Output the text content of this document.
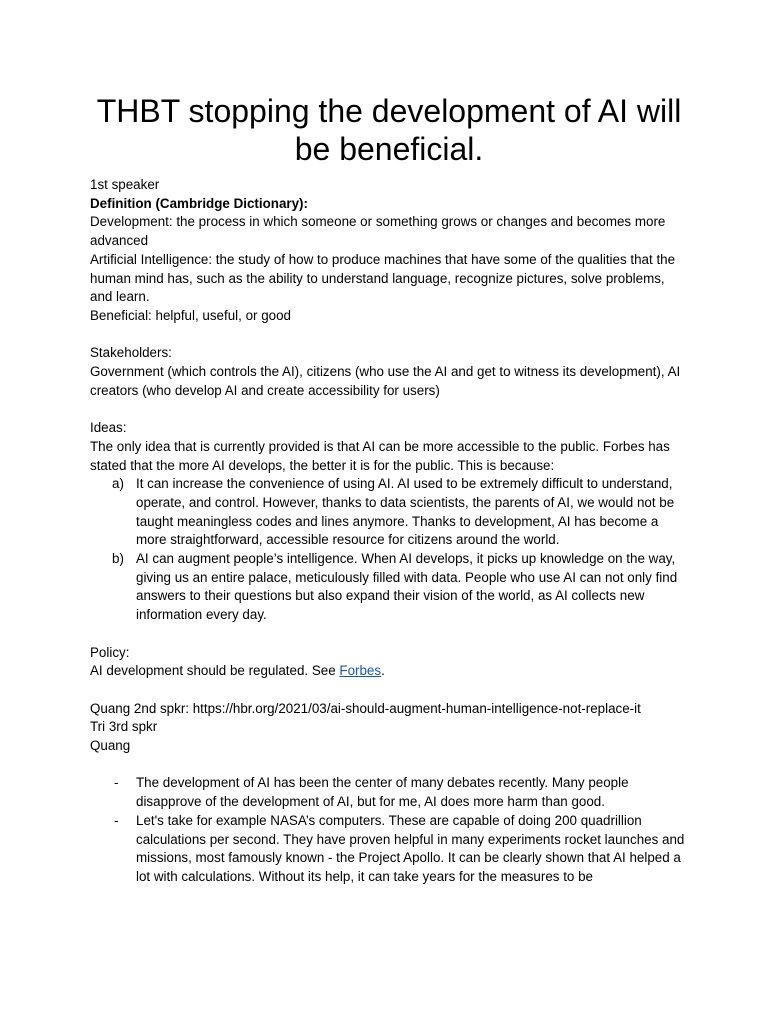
THBT stopping the development of AI will be beneficial.

1st speaker

Definition (Cambridge Dictionary):

Development: the process in which someone or something grows or changes and becomes more advanced

Artificial Intelligence: the study of how to produce machines that have some of the qualities that the human mind has, such as the ability to understand language, recognize pictures, solve problems, and learn.

Beneficial: helpful, useful, or good

Stakeholders:

Government (which controls the AI), citizens (who use the AI and get to witness its development), AI creators (who develop AI and create accessibility for users)

Ideas:

The only idea that is currently provided is that AI can be more accessible to the public. Forbes has stated that the more AI develops, the better it is for the public. This is because:

a) It can increase the convenience of using AI. AI used to be extremely difficult to understand, operate, and control. However, thanks to data scientists, the parents of AI, we would not be taught meaningless codes and lines anymore. Thanks to development, AI has become a more straightforward, accessible resource for citizens around the world.
b) AI can augment people’s intelligence. When AI develops, it picks up knowledge on the way, giving us an entire palace, meticulously filled with data. People who use AI can not only find answers to their questions but also expand their vision of the world, as AI collects new information every day.

Policy:

AI development should be regulated. See Forbes.

Quang 2nd spkr: https://hbr.org/2021/03/ai-should-augment-human-intelligence-not-replace-it

Tri 3rd spkr

Quang

- The development of AI has been the center of many debates recently. Many people disapprove of the development of AI, but for me, AI does more harm than good.
- Let's take for example NASA’s computers. These are capable of doing 200 quadrillion calculations per second. They have proven helpful in many experiments rocket launches and missions, most famously known - the Project Apollo. It can be clearly shown that AI helped a lot with calculations. Without its help, it can take years for the measures to be
